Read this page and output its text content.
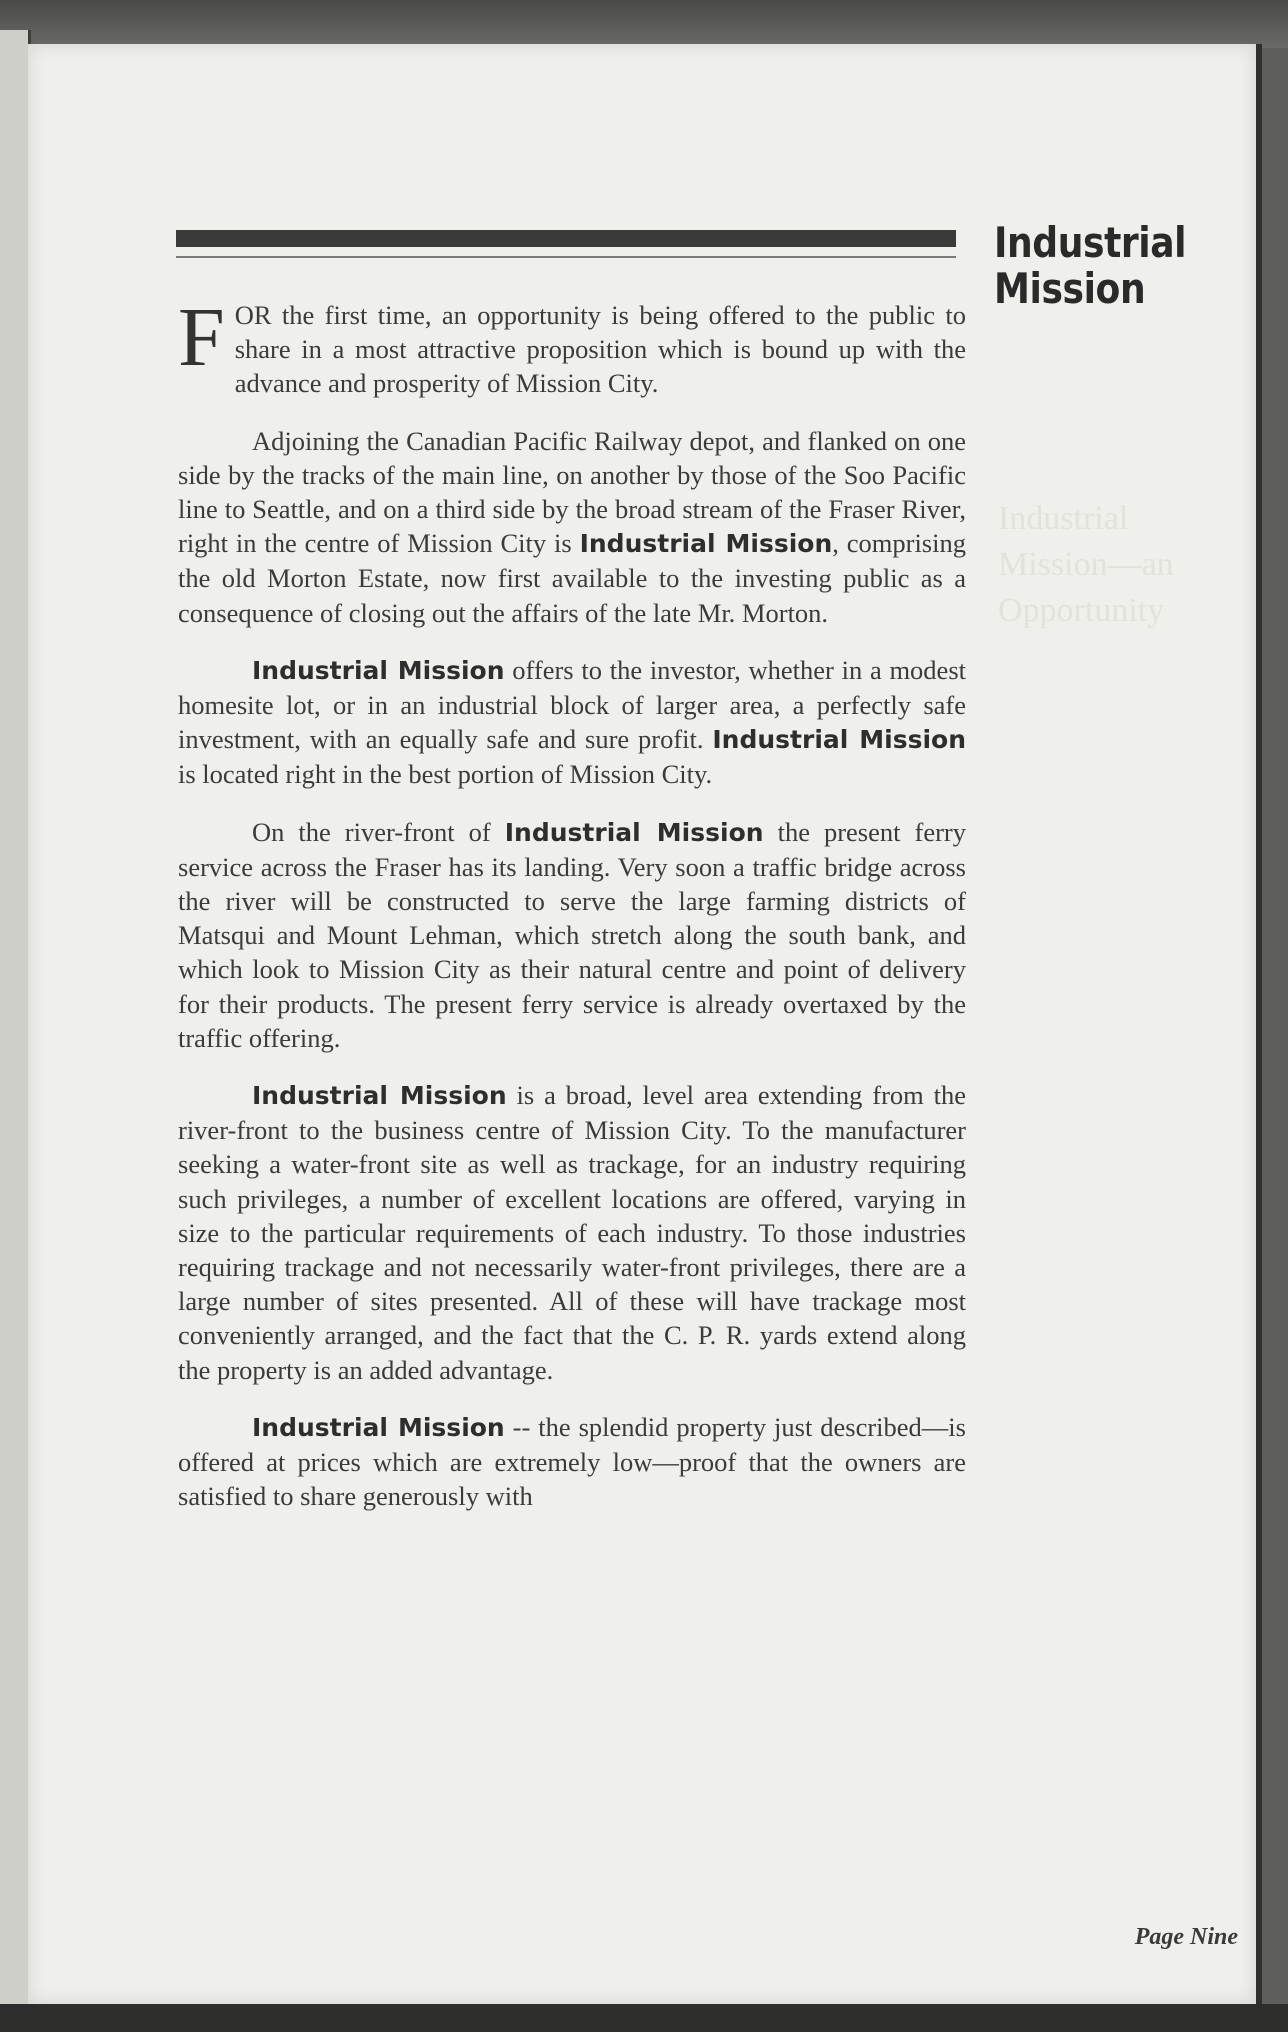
Industrial
Mission
Industrial
Mission—an
Opportunity

FOR the first time, an opportunity is being offered to the public to share in a most attractive proposition which is bound up with the advance and prosperity of Mission City.

Adjoining the Canadian Pacific Railway depot, and flanked on one side by the tracks of the main line, on another by those of the Soo Pacific line to Seattle, and on a third side by the broad stream of the Fraser River, right in the centre of Mission City is Industrial Mission, comprising the old Morton Estate, now first available to the investing public as a consequence of closing out the affairs of the late Mr. Morton.

Industrial Mission offers to the investor, whether in a modest homesite lot, or in an industrial block of larger area, a perfectly safe investment, with an equally safe and sure profit. Industrial Mission is located right in the best portion of Mission City.

On the river-front of Industrial Mission the present ferry service across the Fraser has its landing. Very soon a traffic bridge across the river will be constructed to serve the large farming districts of Matsqui and Mount Lehman, which stretch along the south bank, and which look to Mission City as their natural centre and point of delivery for their products. The present ferry service is already overtaxed by the traffic offering.

Industrial Mission is a broad, level area extending from the river-front to the business centre of Mission City. To the manufacturer seeking a water-front site as well as trackage, for an industry requiring such privileges, a number of excellent locations are offered, varying in size to the particular requirements of each industry. To those industries requiring trackage and not necessarily water-front privileges, there are a large number of sites presented. All of these will have trackage most conveniently arranged, and the fact that the C. P. R. yards extend along the property is an added advantage.

Industrial Mission -- the splendid property just described—is offered at prices which are extremely low—proof that the owners are satisfied to share generously with

Page Nine
